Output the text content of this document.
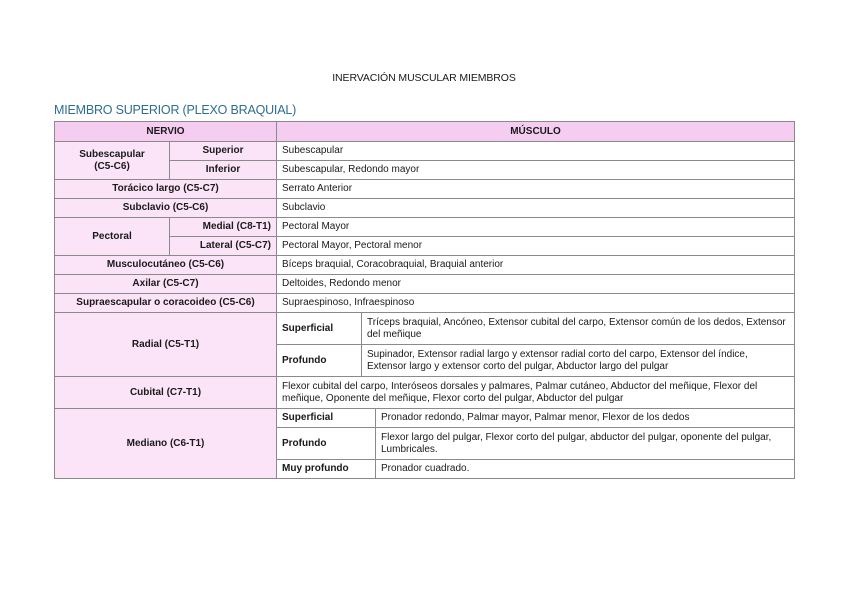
INERVACIÓN MUSCULAR MIEMBROS
MIEMBRO SUPERIOR (PLEXO BRAQUIAL)
NERVIO		MÚSCULO		
Subescapular
(C5-C6)	Superior	Subescapular		
	Inferior	Subescapular, Redondo mayor		
Torácico largo (C5-C7)		Serrato Anterior		
Subclavio (C5-C6)		Subclavio		
Pectoral	Medial (C8-T1)	Pectoral Mayor		
	Lateral (C5-C7)	Pectoral Mayor, Pectoral menor		
Musculocutáneo (C5-C6)		Bíceps braquial, Coracobraquial, Braquial anterior		
Axilar (C5-C7)		Deltoides, Redondo menor		
Supraescapular o coracoideo (C5-C6)		Supraespinoso, Infraespinoso		
Radial (C5-T1)		Superficial	Tríceps braquial, Ancóneo, Extensor cubital del carpo, Extensor común de los dedos, Extensor del meñique	
		Profundo	Supinador, Extensor radial largo y extensor radial corto del carpo, Extensor del índice, Extensor largo y extensor corto del pulgar, Abductor largo del pulgar	
Cubital (C7-T1)		Flexor cubital del carpo, Interóseos dorsales y palmares, Palmar cutáneo, Abductor del meñique, Flexor del meñique, Oponente del meñique, Flexor corto del pulgar, Abductor del pulgar		
Mediano (C6-T1)		Superficial		Pronador redondo, Palmar mayor, Palmar menor, Flexor de los dedos
		Profundo		Flexor largo del pulgar, Flexor corto del pulgar, abductor del pulgar, oponente del pulgar, Lumbricales.
		Muy profundo		Pronador cuadrado.
